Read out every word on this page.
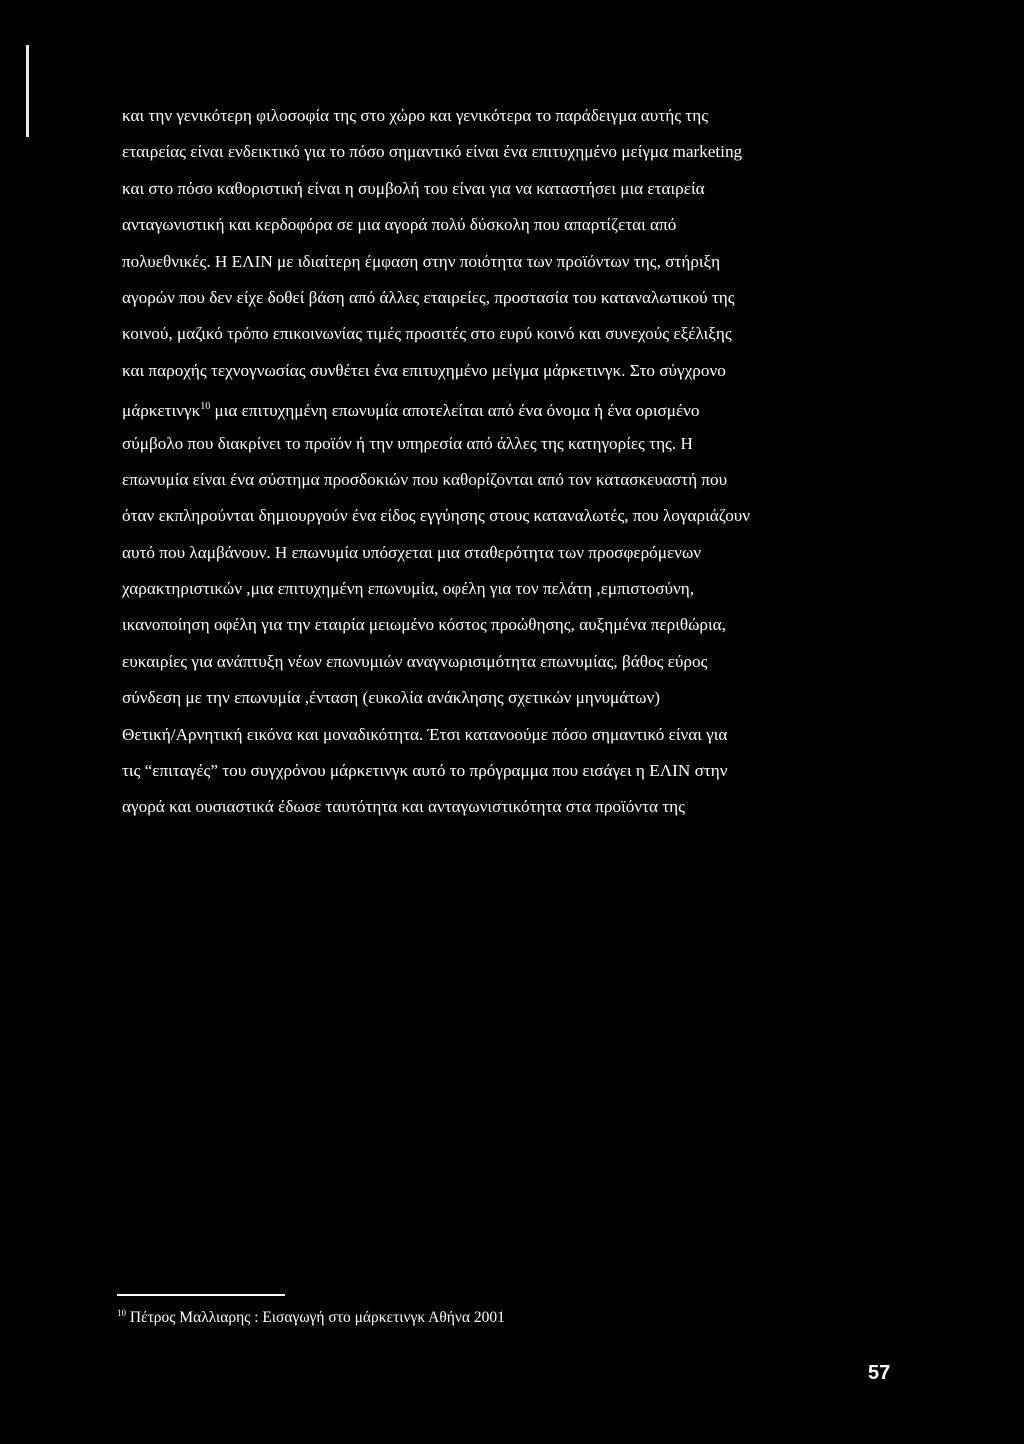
και την γενικότερη φιλοσοφία της στο χώρο και γενικότερα το παράδειγμα αυτής της
εταιρείας είναι ενδεικτικό για το πόσο σημαντικό είναι ένα επιτυχημένο μείγμα marketing
και στο πόσο καθοριστική είναι η συμβολή του είναι για να καταστήσει μια εταιρεία
ανταγωνιστική και κερδοφόρα σε μια αγορά πολύ δύσκολη που απαρτίζεται από
πολυεθνικές. Η ΕΛΙΝ με ιδιαίτερη έμφαση στην ποιότητα των προϊόντων της, στήριξη
αγορών που δεν είχε δοθεί βάση από άλλες εταιρείες, προστασία του καταναλωτικού της
κοινού, μαζικό τρόπο επικοινωνίας τιμές προσιτές στο ευρύ κοινό και συνεχούς εξέλιξης
και παροχής τεχνογνωσίας συνθέτει ένα επιτυχημένο μείγμα μάρκετινγκ. Στο σύγχρονο
μάρκετινγκ$^{10}$ μια επιτυχημένη επωνυμία αποτελείται από ένα όνομα ή ένα ορισμένο
σύμβολο που διακρίνει το προϊόν ή την υπηρεσία από άλλες της κατηγορίες της. Η
επωνυμία είναι ένα σύστημα προσδοκιών που καθορίζονται από τον κατασκευαστή που
όταν εκπληρούνται δημιουργούν ένα είδος εγγύησης στους καταναλωτές, που λογαριάζουν
αυτό που λαμβάνουν. Η επωνυμία υπόσχεται μια σταθερότητα των προσφερόμενων
χαρακτηριστικών ,μια επιτυχημένη επωνυμία, οφέλη για τον πελάτη ,εμπιστοσύνη,
ικανοποίηση οφέλη για την εταιρία μειωμένο κόστος προώθησης, αυξημένα περιθώρια,
ευκαιρίες για ανάπτυξη νέων επωνυμιών αναγνωρισιμότητα επωνυμίας, βάθος εύρος
σύνδεση με την επωνυμία ,ένταση (ευκολία ανάκλησης σχετικών μηνυμάτων)
Θετική/Αρνητική εικόνα και μοναδικότητα. Έτσι κατανοούμε πόσο σημαντικό είναι για
τις “επιταγές” του συγχρόνου μάρκετινγκ αυτό το πρόγραμμα που εισάγει η ΕΛΙΝ στην
αγορά και ουσιαστικά έδωσε ταυτότητα και ανταγωνιστικότητα στα προϊόντα της
$^{10}$ Πέτρος Μαλλιαρης : Εισαγωγή στο μάρκετινγκ Αθήνα 2001
57
